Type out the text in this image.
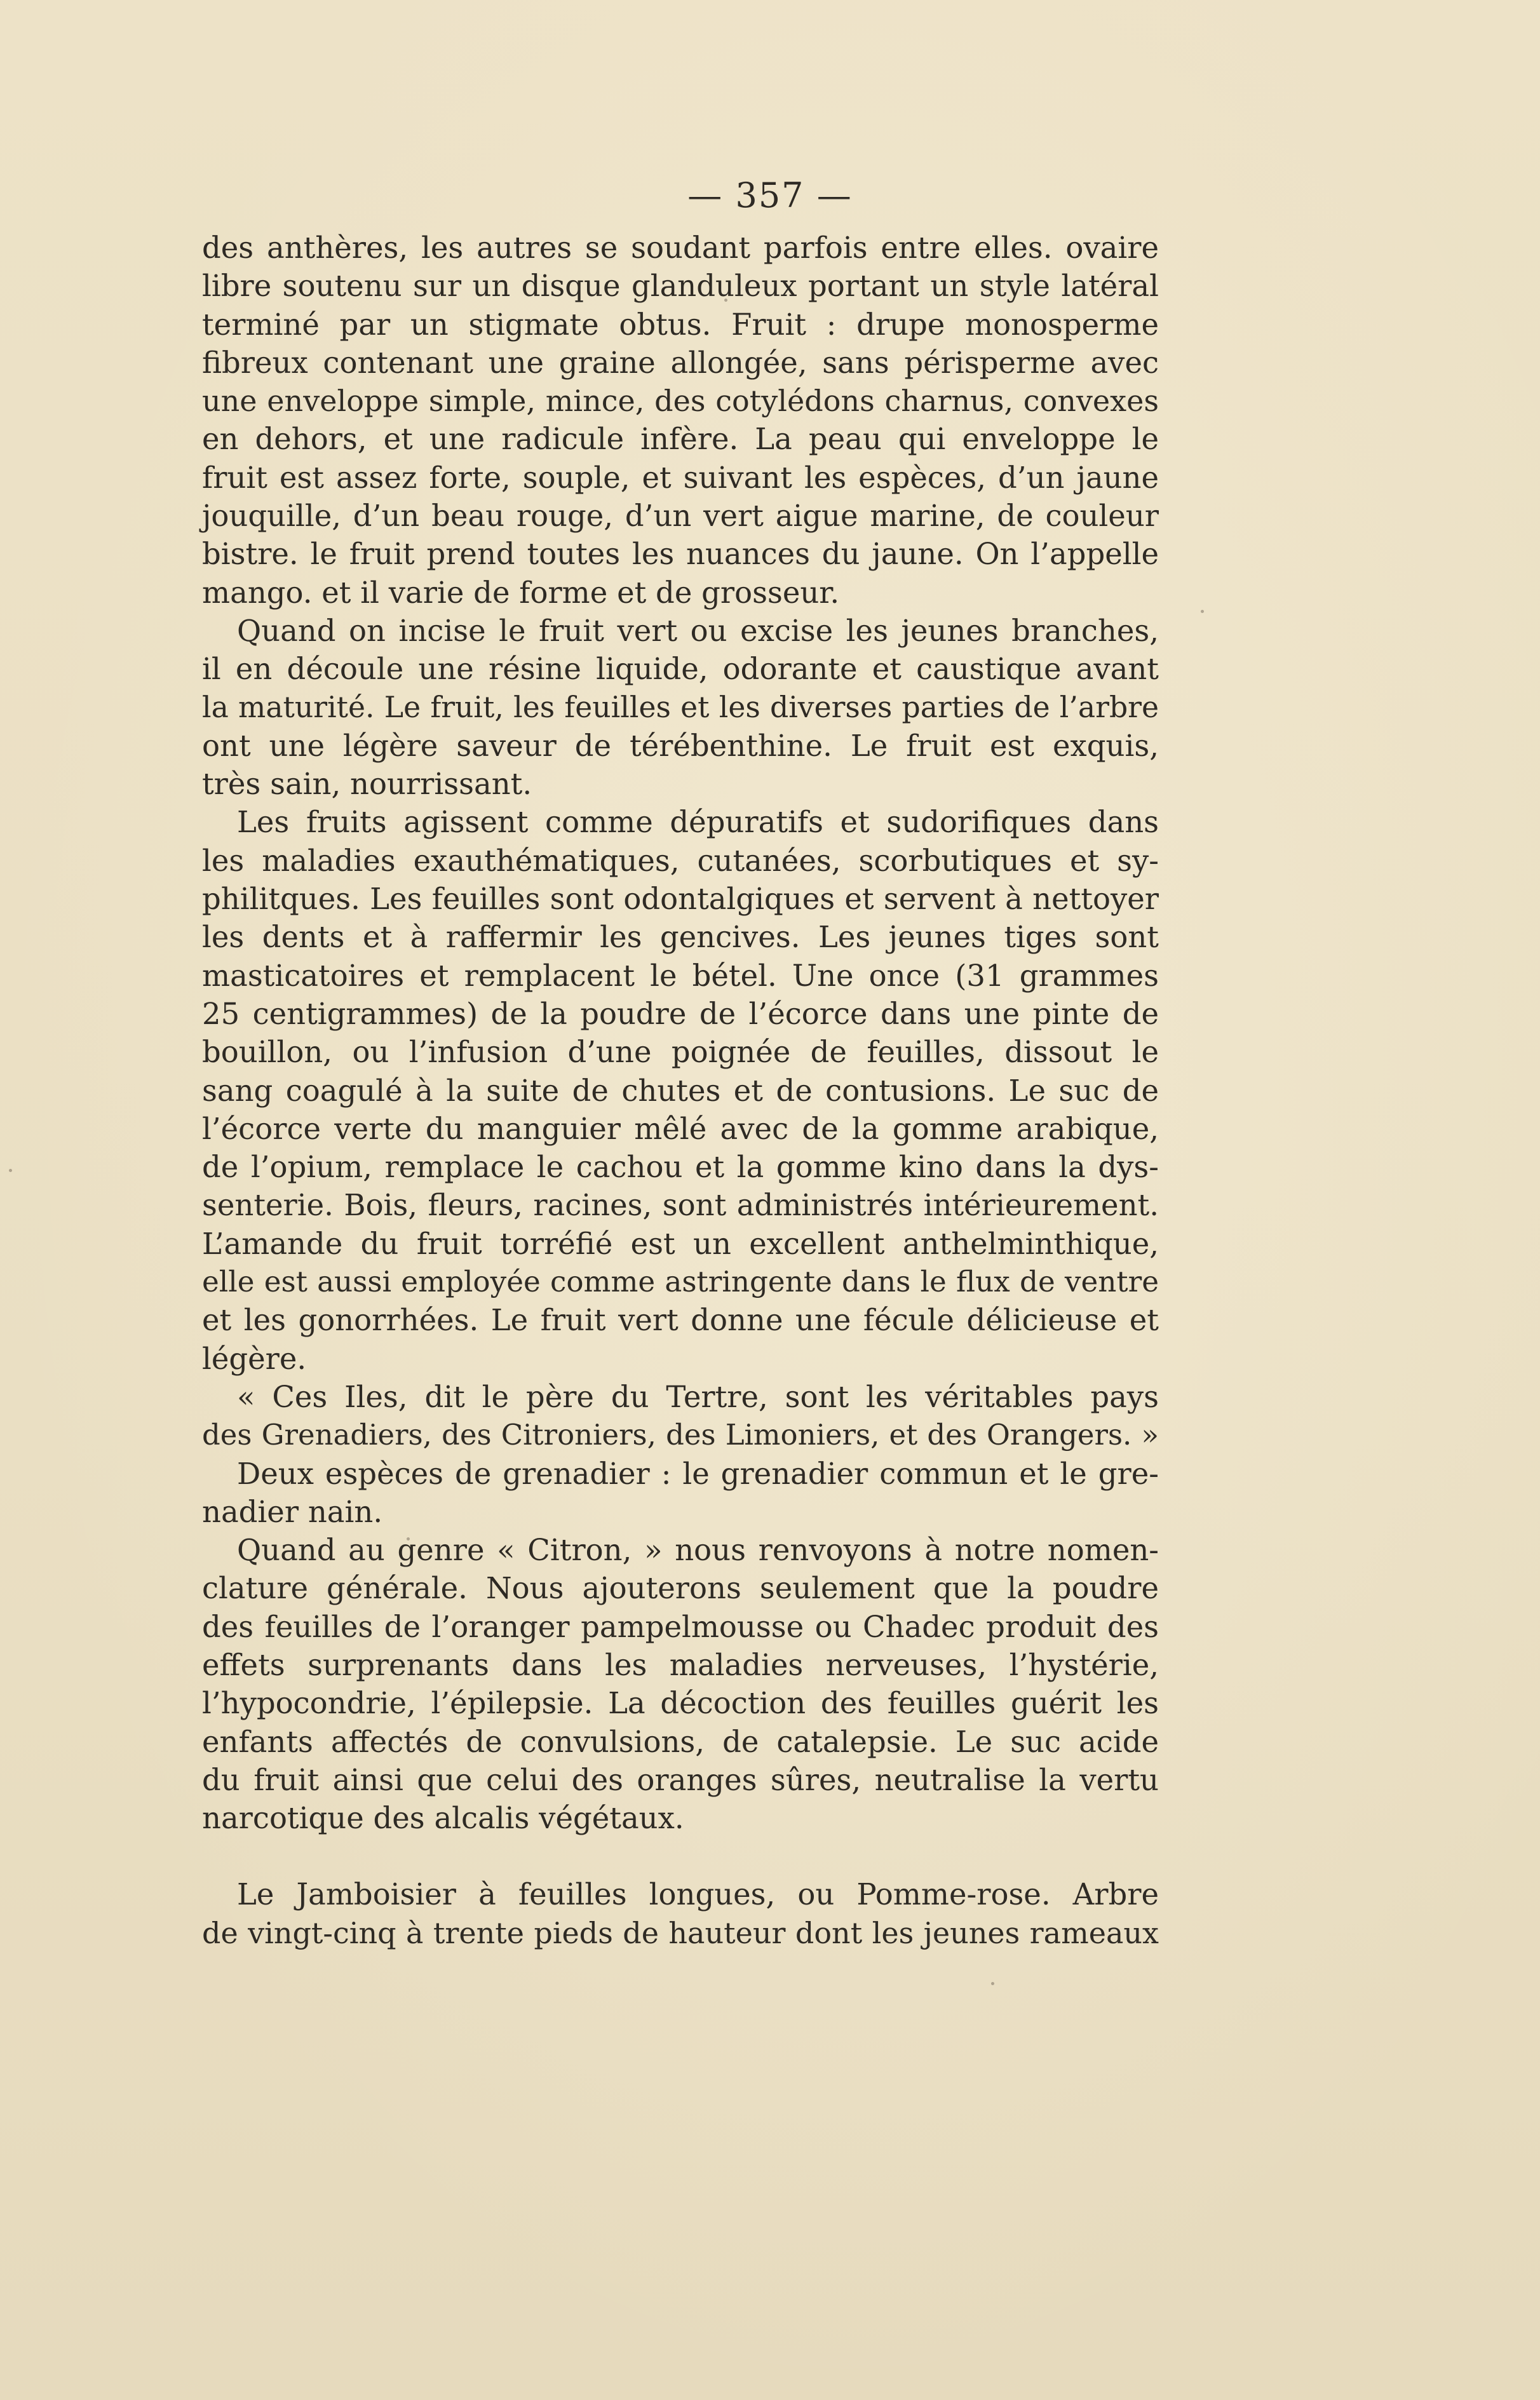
— 357 —
des anthères, les autres se soudant parfois entre elles. ovaire
libre soutenu sur un disque glanduleux portant un style latéral
terminé par un stigmate obtus. Fruit : drupe monosperme
fibreux contenant une graine allongée, sans périsperme avec
une enveloppe simple, mince, des cotylédons charnus, convexes
en dehors, et une radicule infère. La peau qui enveloppe le
fruit est assez forte, souple, et suivant les espèces, d’un jaune
jouquille, d’un beau rouge, d’un vert aigue marine, de couleur
bistre. le fruit prend toutes les nuances du jaune. On l’appelle
mango. et il varie de forme et de grosseur.
Quand on incise le fruit vert ou excise les jeunes branches,
il en découle une résine liquide, odorante et caustique avant
la maturité. Le fruit, les feuilles et les diverses parties de l’arbre
ont une légère saveur de térébenthine. Le fruit est exquis,
très sain, nourrissant.
Les fruits agissent comme dépuratifs et sudorifiques dans
les maladies exauthématiques, cutanées, scorbutiques et sy-
philitques. Les feuilles sont odontalgiques et servent à nettoyer
les dents et à raffermir les gencives. Les jeunes tiges sont
masticatoires et remplacent le bétel. Une once (31 grammes
25 centigrammes) de la poudre de l’écorce dans une pinte de
bouillon, ou l’infusion d’une poignée de feuilles, dissout le
sang coagulé à la suite de chutes et de contusions. Le suc de
l’écorce verte du manguier mêlé avec de la gomme arabique,
de l’opium, remplace le cachou et la gomme kino dans la dys-
senterie. Bois, fleurs, racines, sont administrés intérieurement.
L’amande du fruit torréfié est un excellent anthelminthique,
elle est aussi employée comme astringente dans le flux de ventre
et les gonorrhées. Le fruit vert donne une fécule délicieuse et
légère.
« Ces Iles, dit le père du Tertre, sont les véritables pays
des Grenadiers, des Citroniers, des Limoniers, et des Orangers. »
Deux espèces de grenadier : le grenadier commun et le gre-
nadier nain.
Quand au genre « Citron, » nous renvoyons à notre nomen-
clature générale. Nous ajouterons seulement que la poudre
des feuilles de l’oranger pampelmousse ou Chadec produit des
effets surprenants dans les maladies nerveuses, l’hystérie,
l’hypocondrie, l’épilepsie. La décoction des feuilles guérit les
enfants affectés de convulsions, de catalepsie. Le suc acide
du fruit ainsi que celui des oranges sûres, neutralise la vertu
narcotique des alcalis végétaux.
Le Jamboisier à feuilles longues, ou Pomme-rose. Arbre
de vingt-cinq à trente pieds de hauteur dont les jeunes rameaux
